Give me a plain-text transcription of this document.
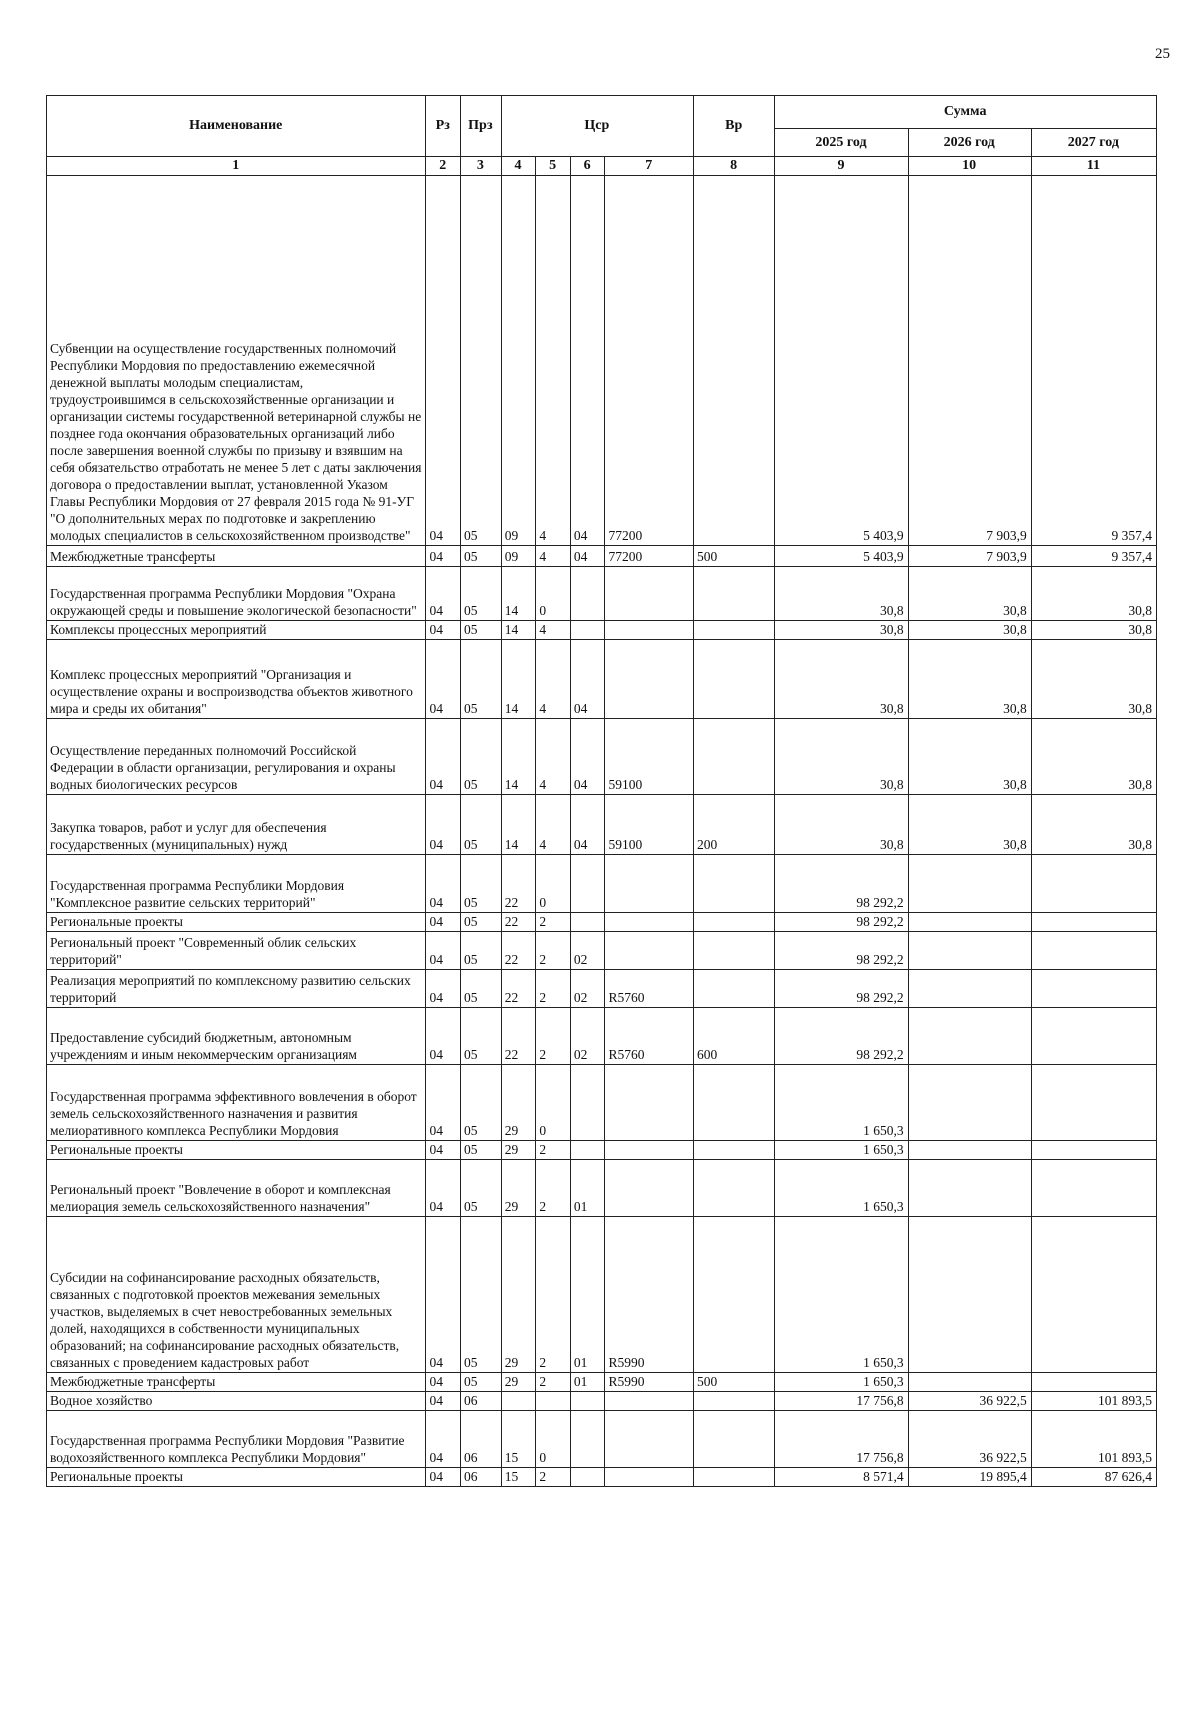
25
Наименование	Рз	Прз	Цср				Вр	Сумма		
								2025 год	2026 год	2027 год
1	2	3	4	5	6	7	8	9	10	11
Субвенции на осуществление государственных полномочий Республики Мордовия по предоставлению ежемесячной денежной выплаты молодым специалистам, трудоустроившимся в сельскохозяйственные организации и организации системы государственной ветеринарной службы не позднее года окончания образовательных организаций либо после завершения военной службы по призыву и взявшим на себя обязательство отработать не менее 5 лет с даты заключения договора о предоставлении выплат, установленной Указом Главы Республики Мордовия от 27 февраля 2015 года № 91-УГ "О дополнительных мерах по подготовке и закреплению молодых специалистов в сельскохозяйственном производстве"	04	05	09	4	04	77200		5 403,9	7 903,9	9 357,4
Межбюджетные трансферты	04	05	09	4	04	77200	500	5 403,9	7 903,9	9 357,4
Государственная программа Республики Мордовия "Охрана окружающей среды и повышение экологической безопасности"	04	05	14	0				30,8	30,8	30,8
Комплексы процессных мероприятий	04	05	14	4				30,8	30,8	30,8
Комплекс процессных мероприятий "Организация и осуществление охраны и воспроизводства объектов животного мира и среды их обитания"	04	05	14	4	04			30,8	30,8	30,8
Осуществление переданных полномочий Российской Федерации в области организации, регулирования и охраны водных биологических ресурсов	04	05	14	4	04	59100		30,8	30,8	30,8
Закупка товаров, работ и услуг для обеспечения государственных (муниципальных) нужд	04	05	14	4	04	59100	200	30,8	30,8	30,8
Государственная программа Республики Мордовия "Комплексное развитие сельских территорий"	04	05	22	0				98 292,2		
Региональные проекты	04	05	22	2				98 292,2		
Региональный проект "Современный облик сельских территорий"	04	05	22	2	02			98 292,2		
Реализация мероприятий по комплексному развитию сельских территорий	04	05	22	2	02	R5760		98 292,2		
Предоставление субсидий бюджетным, автономным учреждениям и иным некоммерческим организациям	04	05	22	2	02	R5760	600	98 292,2		
Государственная программа эффективного вовлечения в оборот земель сельскохозяйственного назначения и развития мелиоративного комплекса Республики Мордовия	04	05	29	0				1 650,3		
Региональные проекты	04	05	29	2				1 650,3		
Региональный проект "Вовлечение в оборот и комплексная мелиорация земель сельскохозяйственного назначения"	04	05	29	2	01			1 650,3		
Субсидии на софинансирование расходных обязательств, связанных с подготовкой проектов межевания земельных участков, выделяемых в счет невостребованных земельных долей, находящихся в собственности муниципальных образований; на софинансирование расходных обязательств, связанных с проведением кадастровых работ	04	05	29	2	01	R5990		1 650,3		
Межбюджетные трансферты	04	05	29	2	01	R5990	500	1 650,3		
Водное хозяйство	04	06						17 756,8	36 922,5	101 893,5
Государственная программа Республики Мордовия "Развитие водохозяйственного комплекса Республики Мордовия"	04	06	15	0				17 756,8	36 922,5	101 893,5
Региональные проекты	04	06	15	2				8 571,4	19 895,4	87 626,4
